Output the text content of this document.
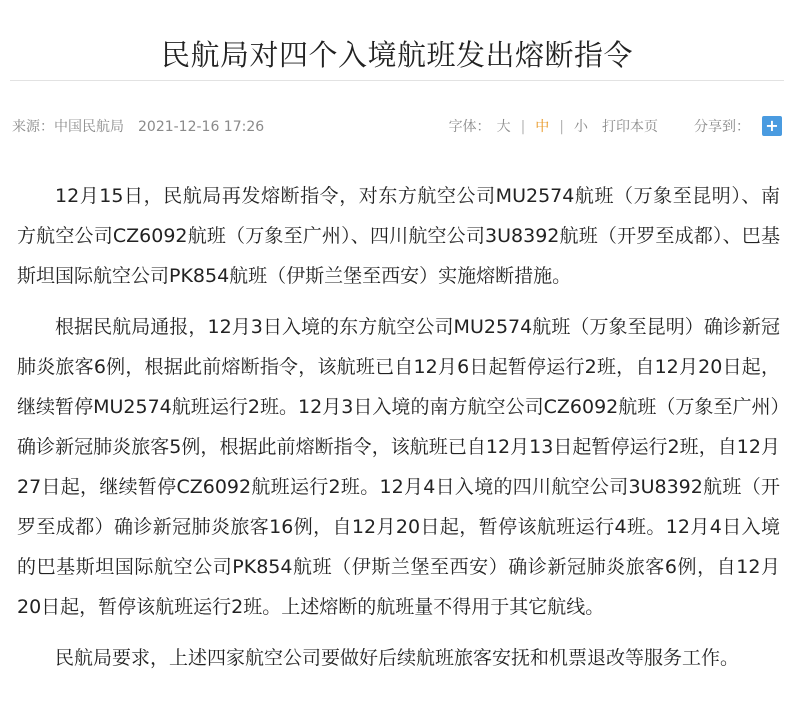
民航局对四个入境航班发出熔断指令
来源：中国民航局 2021-12-16 17:26	字体： 大 | 中 | 小 打印本页	分享到： +

12月15日，民航局再发熔断指令，对东方航空公司MU2574航班（万象至昆明）、南方航空公司CZ6092航班（万象至广州）、四川航空公司3U8392航班（开罗至成都）、巴基斯坦国际航空公司PK854航班（伊斯兰堡至西安）实施熔断措施。

根据民航局通报，12月3日入境的东方航空公司MU2574航班（万象至昆明）确诊新冠肺炎旅客6例，根据此前熔断指令，该航班已自12月6日起暂停运行2班，自12月20日起，继续暂停MU2574航班运行2班。12月3日入境的南方航空公司CZ6092航班（万象至广州）确诊新冠肺炎旅客5例，根据此前熔断指令，该航班已自12月13日起暂停运行2班，自12月27日起，继续暂停CZ6092航班运行2班。12月4日入境的四川航空公司3U8392航班（开罗至成都）确诊新冠肺炎旅客16例，自12月20日起，暂停该航班运行4班。12月4日入境的巴基斯坦国际航空公司PK854航班（伊斯兰堡至西安）确诊新冠肺炎旅客6例，自12月20日起，暂停该航班运行2班。上述熔断的航班量不得用于其它航线。

民航局要求，上述四家航空公司要做好后续航班旅客安抚和机票退改等服务工作。
